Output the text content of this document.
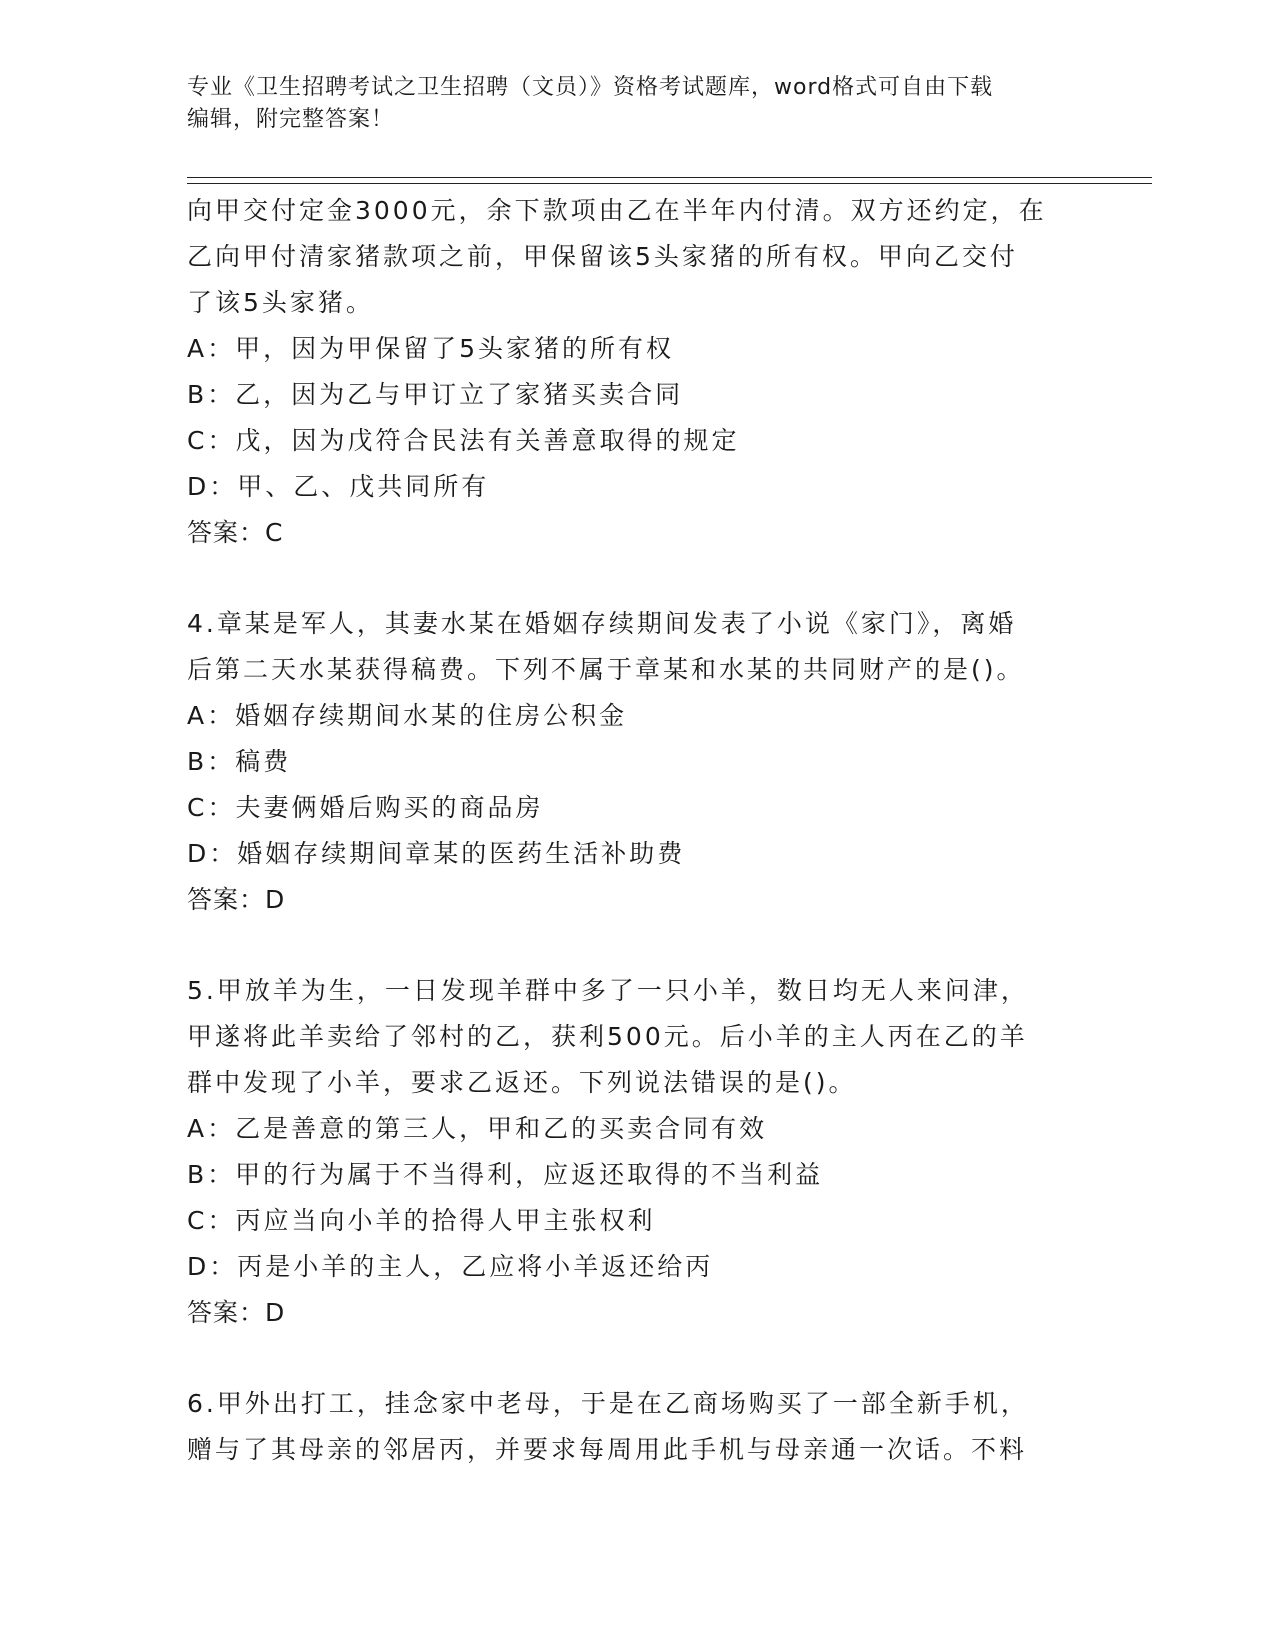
专业《卫生招聘考试之卫生招聘（文员）》资格考试题库，word格式可自由下载
编辑，附完整答案！
向甲交付定金3000元，余下款项由乙在半年内付清。双方还约定，在
乙向甲付清家猪款项之前，甲保留该5头家猪的所有权。甲向乙交付
了该5头家猪。
A：甲，因为甲保留了5头家猪的所有权
B：乙，因为乙与甲订立了家猪买卖合同
C：戊，因为戊符合民法有关善意取得的规定
D：甲、乙、戊共同所有
答案：C
4.章某是军人，其妻水某在婚姻存续期间发表了小说《家门》，离婚
后第二天水某获得稿费。下列不属于章某和水某的共同财产的是()。
A：婚姻存续期间水某的住房公积金
B：稿费
C：夫妻俩婚后购买的商品房
D：婚姻存续期间章某的医药生活补助费
答案：D
5.甲放羊为生，一日发现羊群中多了一只小羊，数日均无人来问津，
甲遂将此羊卖给了邻村的乙，获利500元。后小羊的主人丙在乙的羊
群中发现了小羊，要求乙返还。下列说法错误的是()。
A：乙是善意的第三人，甲和乙的买卖合同有效
B：甲的行为属于不当得利，应返还取得的不当利益
C：丙应当向小羊的拾得人甲主张权利
D：丙是小羊的主人，乙应将小羊返还给丙
答案：D
6.甲外出打工，挂念家中老母，于是在乙商场购买了一部全新手机，
赠与了其母亲的邻居丙，并要求每周用此手机与母亲通一次话。不料
